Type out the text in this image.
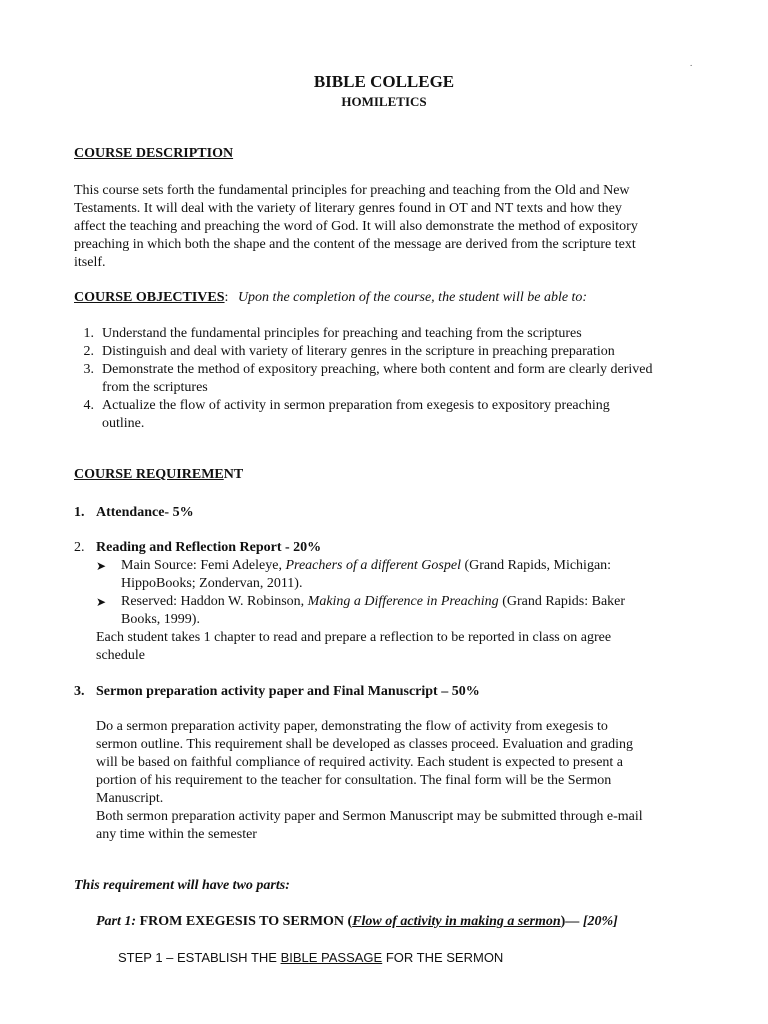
.
BIBLE COLLEGE
HOMILETICS
COURSE DESCRIPTION
This course sets forth the fundamental principles for preaching and teaching from the Old and New
Testaments. It will deal with the variety of literary genres found in OT and NT texts and how they
affect the teaching and preaching the word of God. It will also demonstrate the method of expository
preaching in which both the shape and the content of the message are derived from the scripture text
itself.
COURSE OBJECTIVES: Upon the completion of the course, the student will be able to:
1. Understand the fundamental principles for preaching and teaching from the scriptures
2. Distinguish and deal with variety of literary genres in the scripture in preaching preparation
3. Demonstrate the method of expository preaching, where both content and form are clearly derived
from the scriptures
4. Actualize the flow of activity in sermon preparation from exegesis to expository preaching
outline.
COURSE REQUIREMENT
1. Attendance- 5%
2. Reading and Reflection Report - 20%
➤ Main Source: Femi Adeleye, Preachers of a different Gospel (Grand Rapids, Michigan:
HippoBooks; Zondervan, 2011).
➤ Reserved: Haddon W. Robinson, Making a Difference in Preaching (Grand Rapids: Baker
Books, 1999).
Each student takes 1 chapter to read and prepare a reflection to be reported in class on agree
schedule
3. Sermon preparation activity paper and Final Manuscript – 50%
Do a sermon preparation activity paper, demonstrating the flow of activity from exegesis to
sermon outline. This requirement shall be developed as classes proceed. Evaluation and grading
will be based on faithful compliance of required activity. Each student is expected to present a
portion of his requirement to the teacher for consultation. The final form will be the Sermon
Manuscript.
Both sermon preparation activity paper and Sermon Manuscript may be submitted through e-mail
any time within the semester
This requirement will have two parts:
Part 1: FROM EXEGESIS TO SERMON (Flow of activity in making a sermon)— [20%]
STEP 1 – ESTABLISH THE BIBLE PASSAGE FOR THE SERMON
